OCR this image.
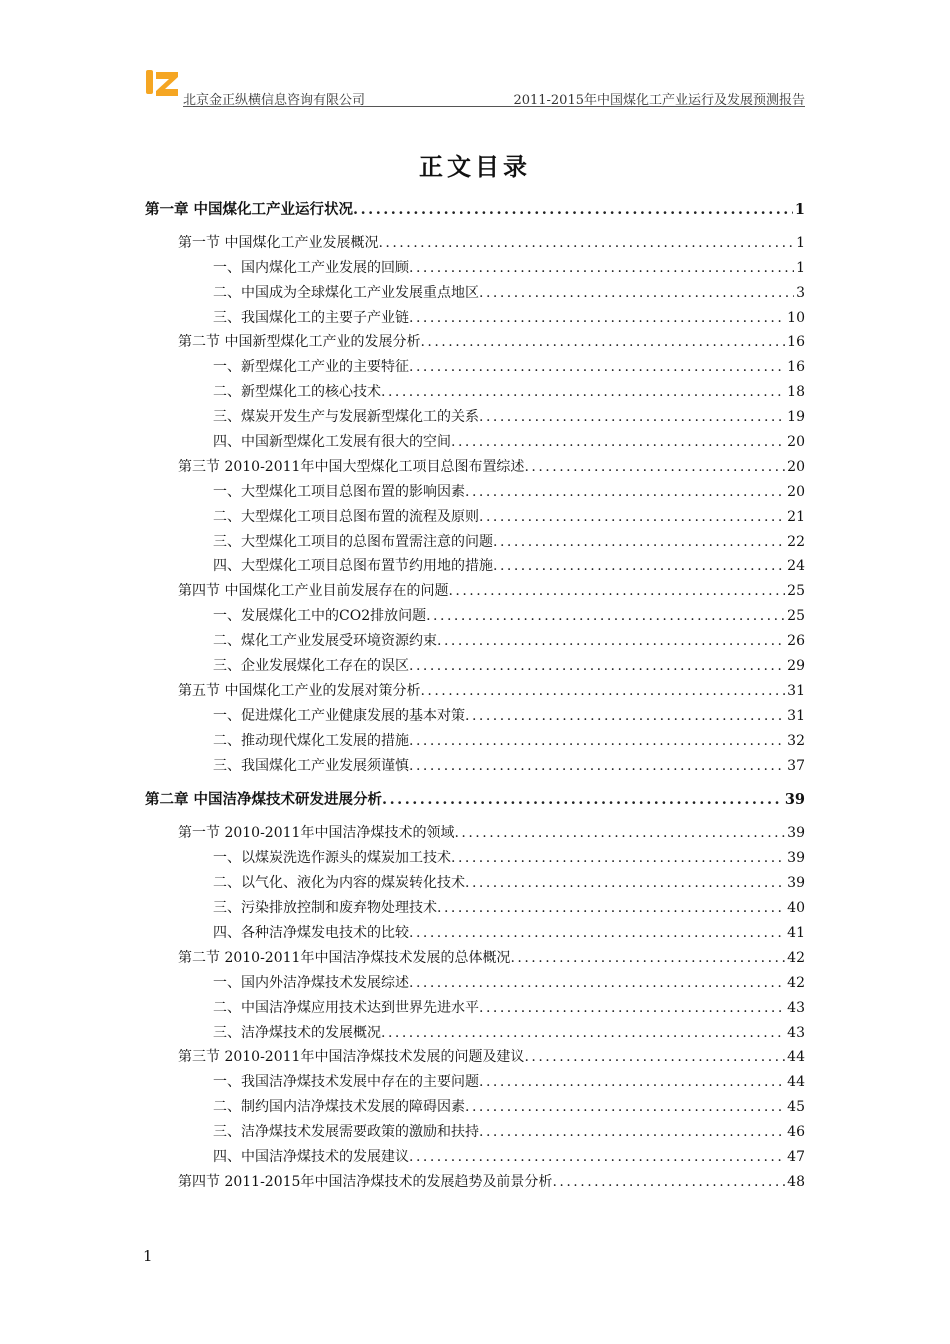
北京金正纵横信息咨询有限公司	2011-2015年中国煤化工产业运行及发展预测报告
正文目录
第一章 中国煤化工产业运行状况 .....	1
第一节 中国煤化工产业发展概况 .....	1
一、国内煤化工产业发展的回顾 .....	1
二、中国成为全球煤化工产业发展重点地区 .....	3
三、我国煤化工的主要子产业链 .....	10
第二节 中国新型煤化工产业的发展分析 .....	16
一、新型煤化工产业的主要特征 .....	16
二、新型煤化工的核心技术 .....	18
三、煤炭开发生产与发展新型煤化工的关系 .....	19
四、中国新型煤化工发展有很大的空间 .....	20
第三节 2010-2011年中国大型煤化工项目总图布置综述 .....	20
一、大型煤化工项目总图布置的影响因素 .....	20
二、大型煤化工项目总图布置的流程及原则 .....	21
三、大型煤化工项目的总图布置需注意的问题 .....	22
四、大型煤化工项目总图布置节约用地的措施 .....	24
第四节 中国煤化工产业目前发展存在的问题 .....	25
一、发展煤化工中的CO2排放问题 .....	25
二、煤化工产业发展受环境资源约束 .....	26
三、企业发展煤化工存在的误区 .....	29
第五节 中国煤化工产业的发展对策分析 .....	31
一、促进煤化工产业健康发展的基本对策 .....	31
二、推动现代煤化工发展的措施 .....	32
三、我国煤化工产业发展须谨慎 .....	37
第二章 中国洁净煤技术研发进展分析 .....	39
第一节 2010-2011年中国洁净煤技术的领域 .....	39
一、以煤炭洗选作源头的煤炭加工技术 .....	39
二、以气化、液化为内容的煤炭转化技术 .....	39
三、污染排放控制和废弃物处理技术 .....	40
四、各种洁净煤发电技术的比较 .....	41
第二节 2010-2011年中国洁净煤技术发展的总体概况 .....	42
一、国内外洁净煤技术发展综述 .....	42
二、中国洁净煤应用技术达到世界先进水平 .....	43
三、洁净煤技术的发展概况 .....	43
第三节 2010-2011年中国洁净煤技术发展的问题及建议 .....	44
一、我国洁净煤技术发展中存在的主要问题 .....	44
二、制约国内洁净煤技术发展的障碍因素 .....	45
三、洁净煤技术发展需要政策的激励和扶持 .....	46
四、中国洁净煤技术的发展建议 .....	47
第四节 2011-2015年中国洁净煤技术的发展趋势及前景分析 .....	48
1
